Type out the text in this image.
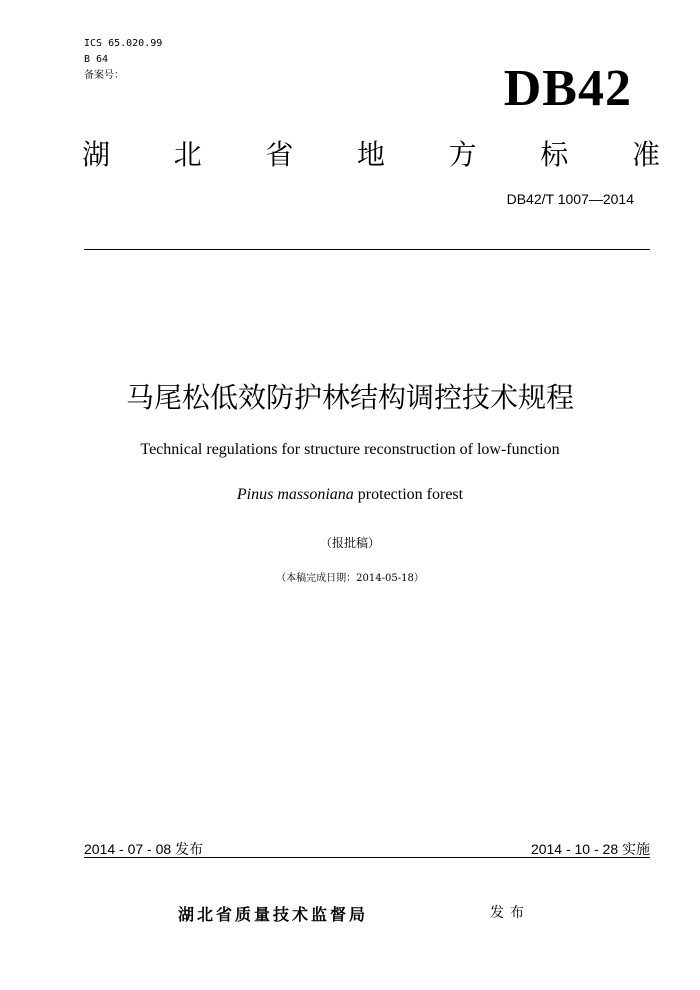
ICS 65.020.99
B 64
备案号：	DB42
湖 北 省 地 方 标 准
DB42/T 1007—2014
马尾松低效防护林结构调控技术规程
Technical regulations for structure reconstruction of low-function
Pinus massoniana protection forest
（报批稿）
（本稿完成日期：2014-05-18）
2014 - 07 - 08 发布	2014 - 10 - 28 实施
湖北省质量技术监督局	发布
